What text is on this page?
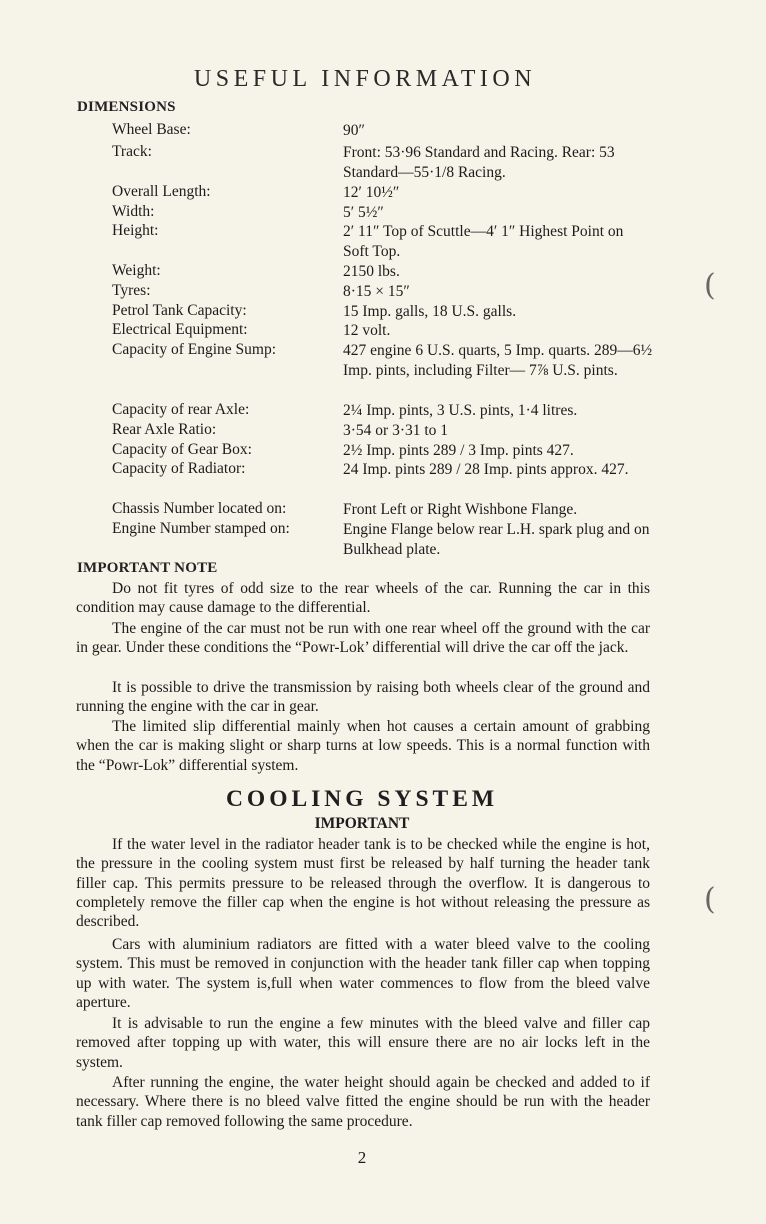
USEFUL INFORMATION
DIMENSIONS
Wheel Base:	90″
Track:	Front: 53·96 Standard and Racing. Rear: 53 Standard—55·1/8 Racing.
Overall Length:	12′ 10½″
Width:	5′ 5½″
Height:	2′ 11″ Top of Scuttle—4′ 1″ Highest Point on Soft Top.
Weight:	2150 lbs.
Tyres:	8·15 × 15″
Petrol Tank Capacity:	15 Imp. galls, 18 U.S. galls.
Electrical Equipment:	12 volt.
Capacity of Engine Sump:	427 engine 6 U.S. quarts, 5 Imp. quarts. 289—6½ Imp. pints, including Filter— 7⅞ U.S. pints.
Capacity of rear Axle:	2¼ Imp. pints, 3 U.S. pints, 1·4 litres.
Rear Axle Ratio:	3·54 or 3·31 to 1
Capacity of Gear Box:	2½ Imp. pints 289 / 3 Imp. pints 427.
Capacity of Radiator:	24 Imp. pints 289 / 28 Imp. pints approx. 427.
Chassis Number located on:	Front Left or Right Wishbone Flange.
Engine Number stamped on:	Engine Flange below rear L.H. spark plug and on Bulkhead plate.
IMPORTANT NOTE

Do not fit tyres of odd size to the rear wheels of the car. Running the car in this condition may cause damage to the differential.

The engine of the car must not be run with one rear wheel off the ground with the car in gear. Under these conditions the “Powr-Lok’ differential will drive the car off the jack.

It is possible to drive the transmission by raising both wheels clear of the ground and running the engine with the car in gear.

The limited slip differential mainly when hot causes a certain amount of grabbing when the car is making slight or sharp turns at low speeds. This is a normal function with the “Powr-Lok” differential system.

COOLING SYSTEM
IMPORTANT

If the water level in the radiator header tank is to be checked while the engine is hot, the pressure in the cooling system must first be released by half turning the header tank filler cap. This permits pressure to be released through the overflow. It is dangerous to completely remove the filler cap when the engine is hot without releasing the pressure as described.

Cars with aluminium radiators are fitted with a water bleed valve to the cooling system. This must be removed in conjunction with the header tank filler cap when topping up with water. The system is,full when water commences to flow from the bleed valve aperture.

It is advisable to run the engine a few minutes with the bleed valve and filler cap removed after topping up with water, this will ensure there are no air locks left in the system.

After running the engine, the water height should again be checked and added to if necessary. Where there is no bleed valve fitted the engine should be run with the header tank filler cap removed following the same procedure.

2
(
(
